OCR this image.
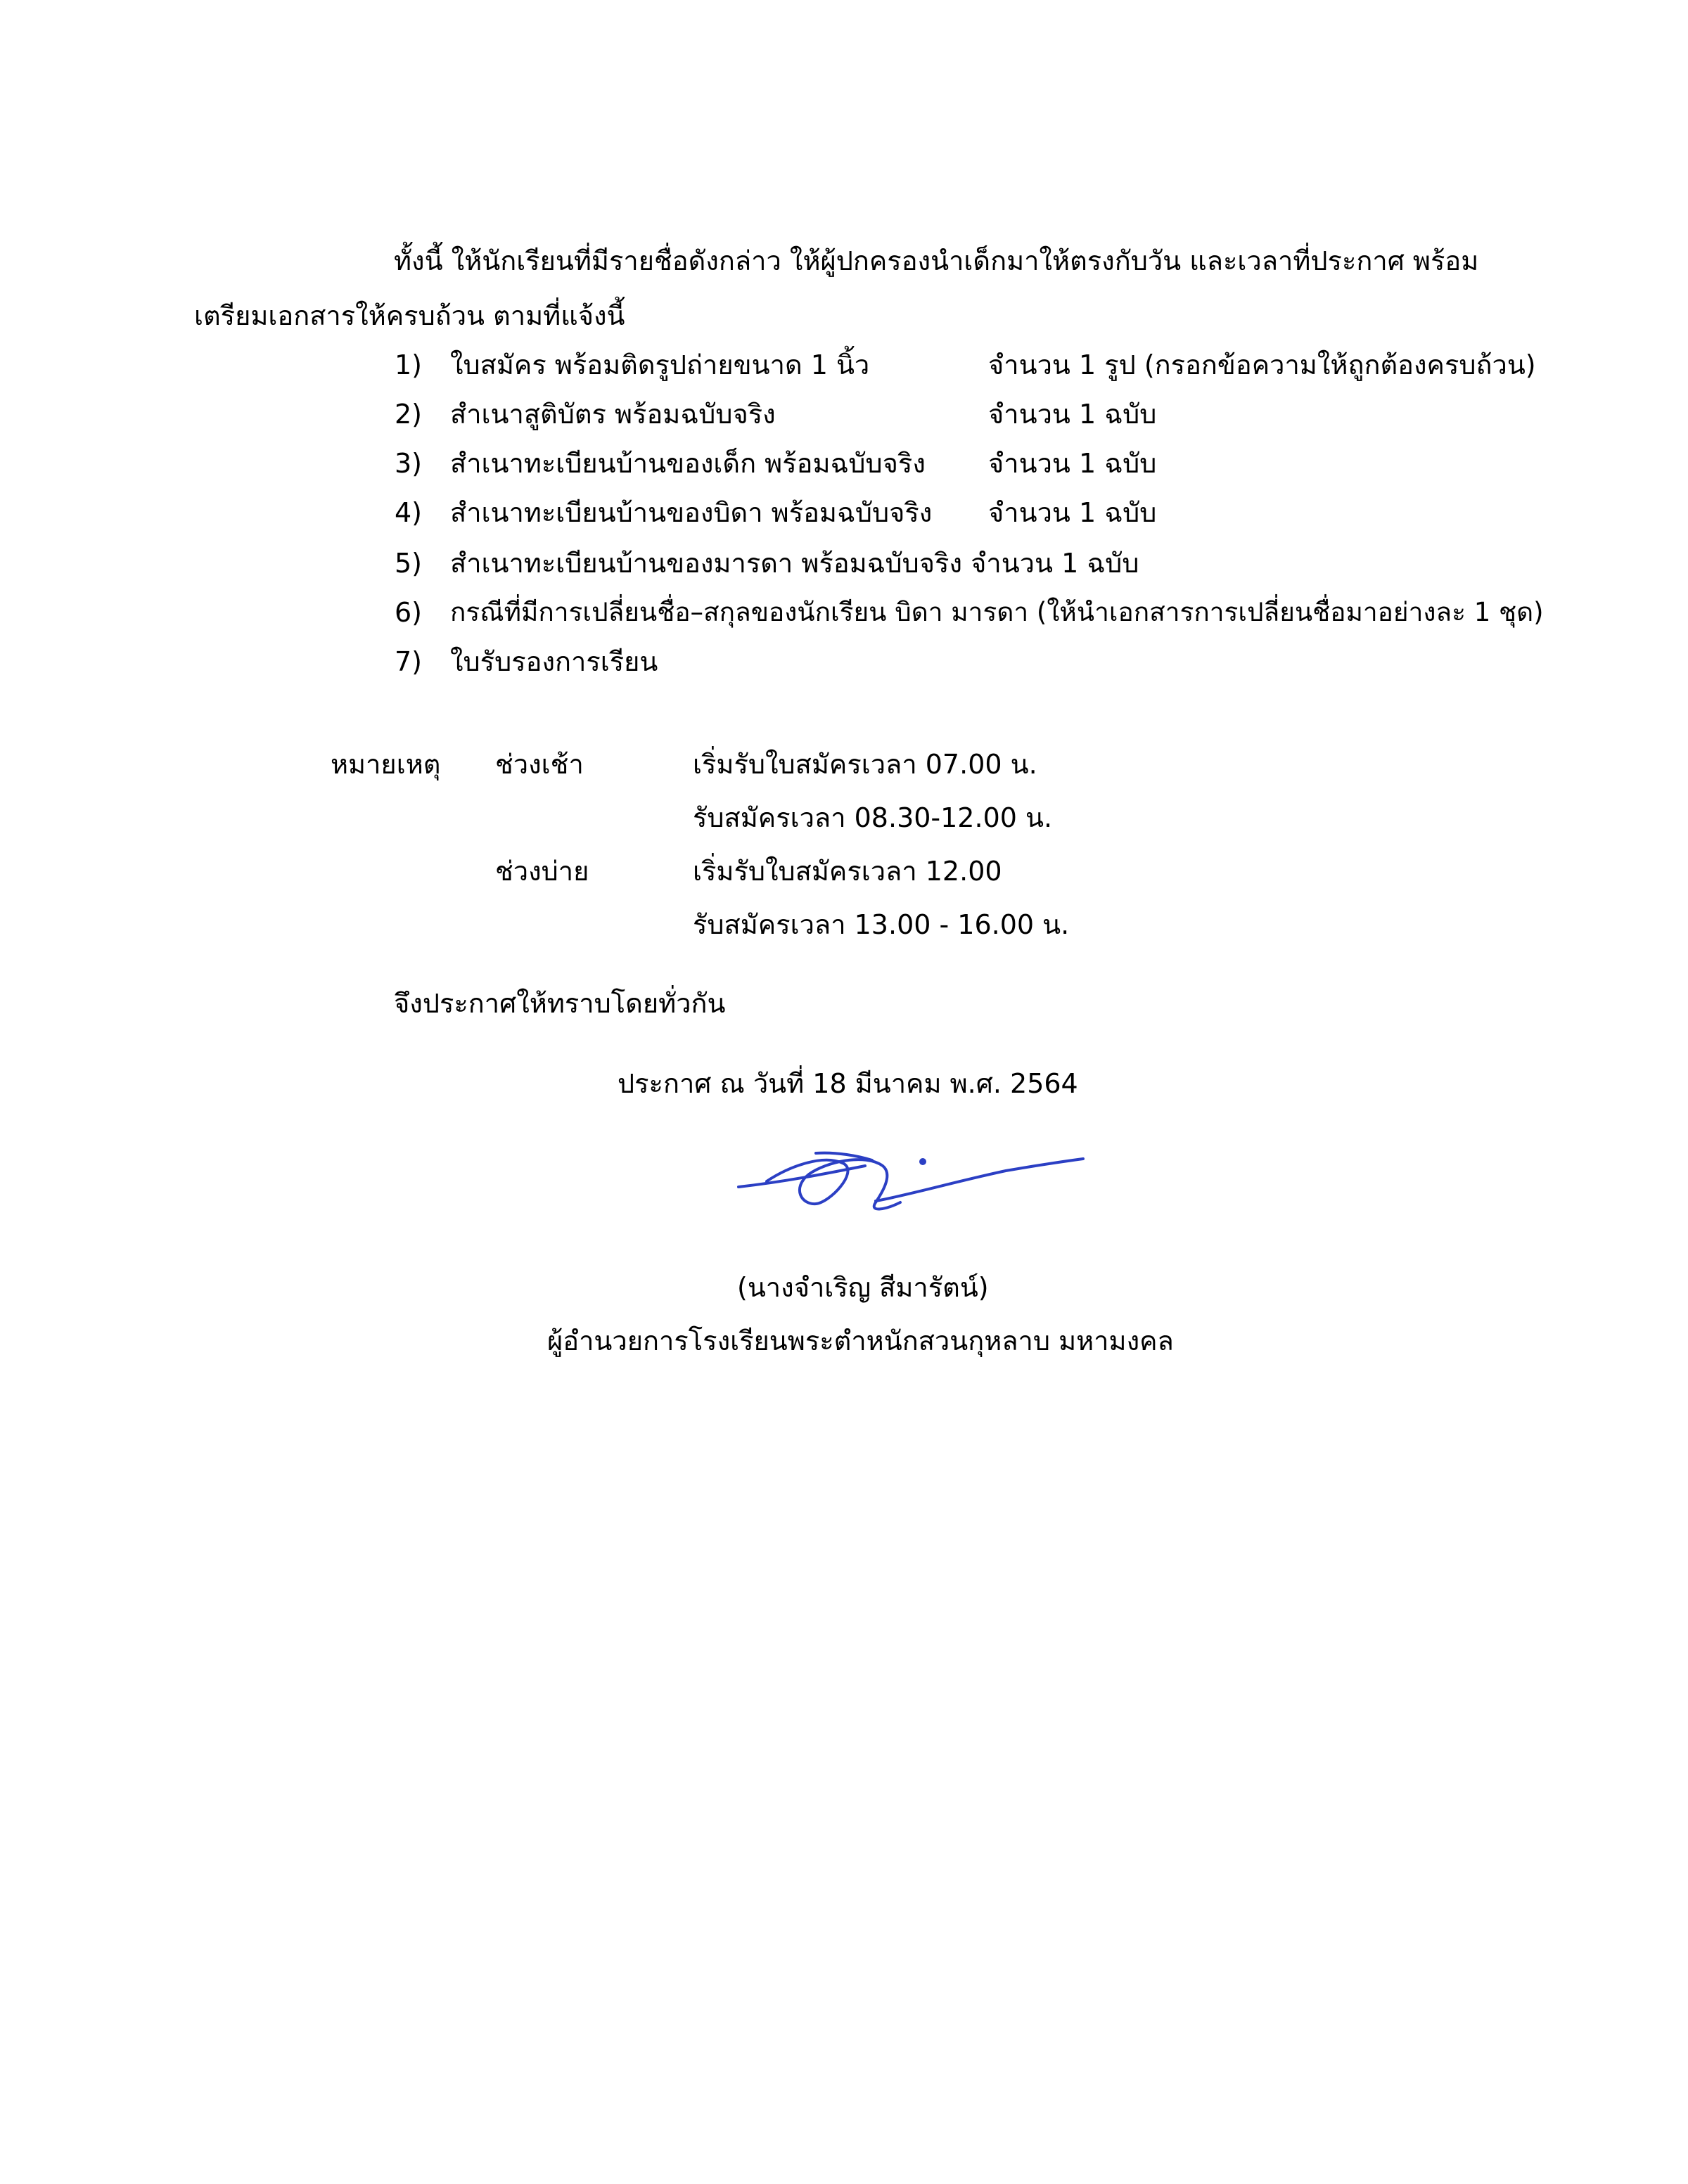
ทั้งนี้ ให้นักเรียนที่มีรายชื่อดังกล่าว ให้ผู้ปกครองนำเด็กมาให้ตรงกับวัน และเวลาที่ประกาศ พร้อม
เตรียมเอกสารให้ครบถ้วน ตามที่แจ้งนี้
1) ใบสมัคร พร้อมติดรูปถ่ายขนาด 1 นิ้ว	จำนวน 1 รูป (กรอกข้อความให้ถูกต้องครบถ้วน)
2) สำเนาสูติบัตร พร้อมฉบับจริง	จำนวน 1 ฉบับ
3) สำเนาทะเบียนบ้านของเด็ก พร้อมฉบับจริง จำนวน 1 ฉบับ
4) สำเนาทะเบียนบ้านของบิดา พร้อมฉบับจริง จำนวน 1 ฉบับ
5) สำเนาทะเบียนบ้านของมารดา พร้อมฉบับจริง จำนวน 1 ฉบับ
6) กรณีที่มีการเปลี่ยนชื่อ–สกุลของนักเรียน บิดา มารดา (ให้นำเอกสารการเปลี่ยนชื่อมาอย่างละ 1 ชุด)
7) ใบรับรองการเรียน
หมายเหตุ ช่วงเช้า	เริ่มรับใบสมัครเวลา 07.00 น.
รับสมัครเวลา 08.30-12.00 น.
ช่วงบ่าย	เริ่มรับใบสมัครเวลา 12.00
รับสมัครเวลา 13.00 - 16.00 น.
จึงประกาศให้ทราบโดยทั่วกัน
ประกาศ ณ วันที่ 18 มีนาคม พ.ศ. 2564
(นางจำเริญ สีมารัตน์)
ผู้อำนวยการโรงเรียนพระตำหนักสวนกุหลาบ มหามงคล
